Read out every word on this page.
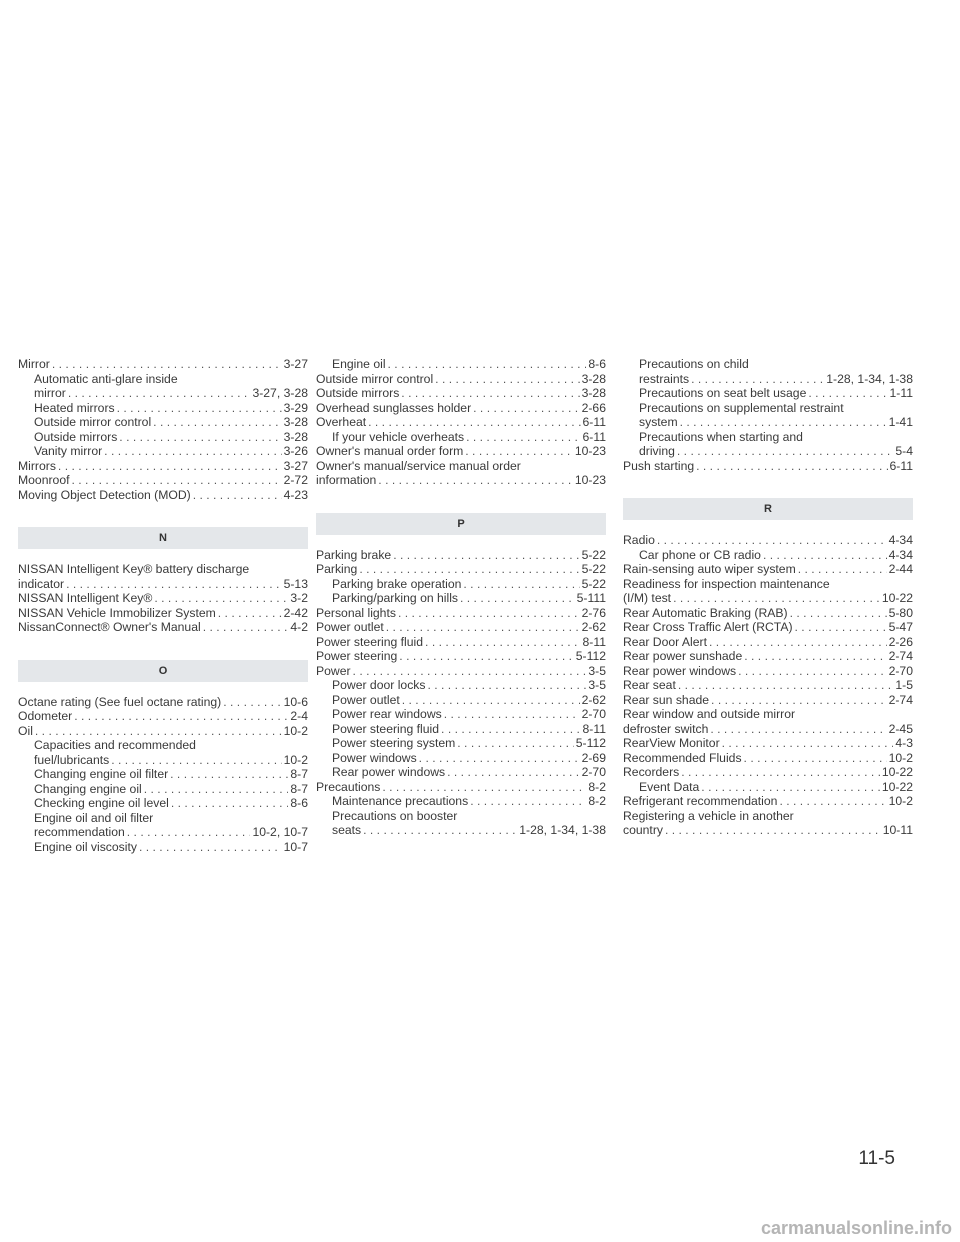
Mirror . . .	3-27
Automatic anti-glare inside
mirror . . .	3-27, 3-28
Heated mirrors . . .	3-29
Outside mirror control . . .	3-28
Outside mirrors . . .	3-28
Vanity mirror . . .	3-26
Mirrors . . .	3-27
Moonroof . . .	2-72
Moving Object Detection (MOD) . . .	4-23
N
NISSAN Intelligent Key® battery discharge
indicator . . .	5-13
NISSAN Intelligent Key® . . .	3-2
NISSAN Vehicle Immobilizer System . . .	2-42
NissanConnect® Owner's Manual . . .	4-2
O
Octane rating (See fuel octane rating) . . .	10-6
Odometer . . .	2-4
Oil . . .	10-2
Capacities and recommended
fuel/lubricants . . .	10-2
Changing engine oil filter . . .	8-7
Changing engine oil . . .	8-7
Checking engine oil level . . .	8-6
Engine oil and oil filter
recommendation . . .	10-2, 10-7
Engine oil viscosity . . .	10-7
Engine oil . . .	8-6
Outside mirror control . . .	3-28
Outside mirrors . . .	3-28
Overhead sunglasses holder . . .	2-66
Overheat . . .	6-11
If your vehicle overheats . . .	6-11
Owner's manual order form . . .	10-23
Owner's manual/service manual order
information . . .	10-23
P
Parking brake . . .	5-22
Parking . . .	5-22
Parking brake operation . . .	5-22
Parking/parking on hills . . .	5-111
Personal lights . . .	2-76
Power outlet . . .	2-62
Power steering fluid . . .	8-11
Power steering . . .	5-112
Power . . .	3-5
Power door locks . . .	3-5
Power outlet . . .	2-62
Power rear windows . . .	2-70
Power steering fluid . . .	8-11
Power steering system . . .	5-112
Power windows . . .	2-69
Rear power windows . . .	2-70
Precautions . . .	8-2
Maintenance precautions . . .	8-2
Precautions on booster
seats . . .	1-28, 1-34, 1-38
Precautions on child
restraints . . .	1-28, 1-34, 1-38
Precautions on seat belt usage . . .	1-11
Precautions on supplemental restraint
system . . .	1-41
Precautions when starting and
driving . . .	5-4
Push starting . . .	6-11
R
Radio . . .	4-34
Car phone or CB radio . . .	4-34
Rain-sensing auto wiper system . . .	2-44
Readiness for inspection maintenance
(I/M) test . . .	10-22
Rear Automatic Braking (RAB) . . .	5-80
Rear Cross Traffic Alert (RCTA) . . .	5-47
Rear Door Alert . . .	2-26
Rear power sunshade . . .	2-74
Rear power windows . . .	2-70
Rear seat . . .	1-5
Rear sun shade . . .	2-74
Rear window and outside mirror
defroster switch . . .	2-45
RearView Monitor . . .	4-3
Recommended Fluids . . .	10-2
Recorders . . .	10-22
Event Data . . .	10-22
Refrigerant recommendation . . .	10-2
Registering a vehicle in another
country . . .	10-11
11-5
carmanualsonline.info
